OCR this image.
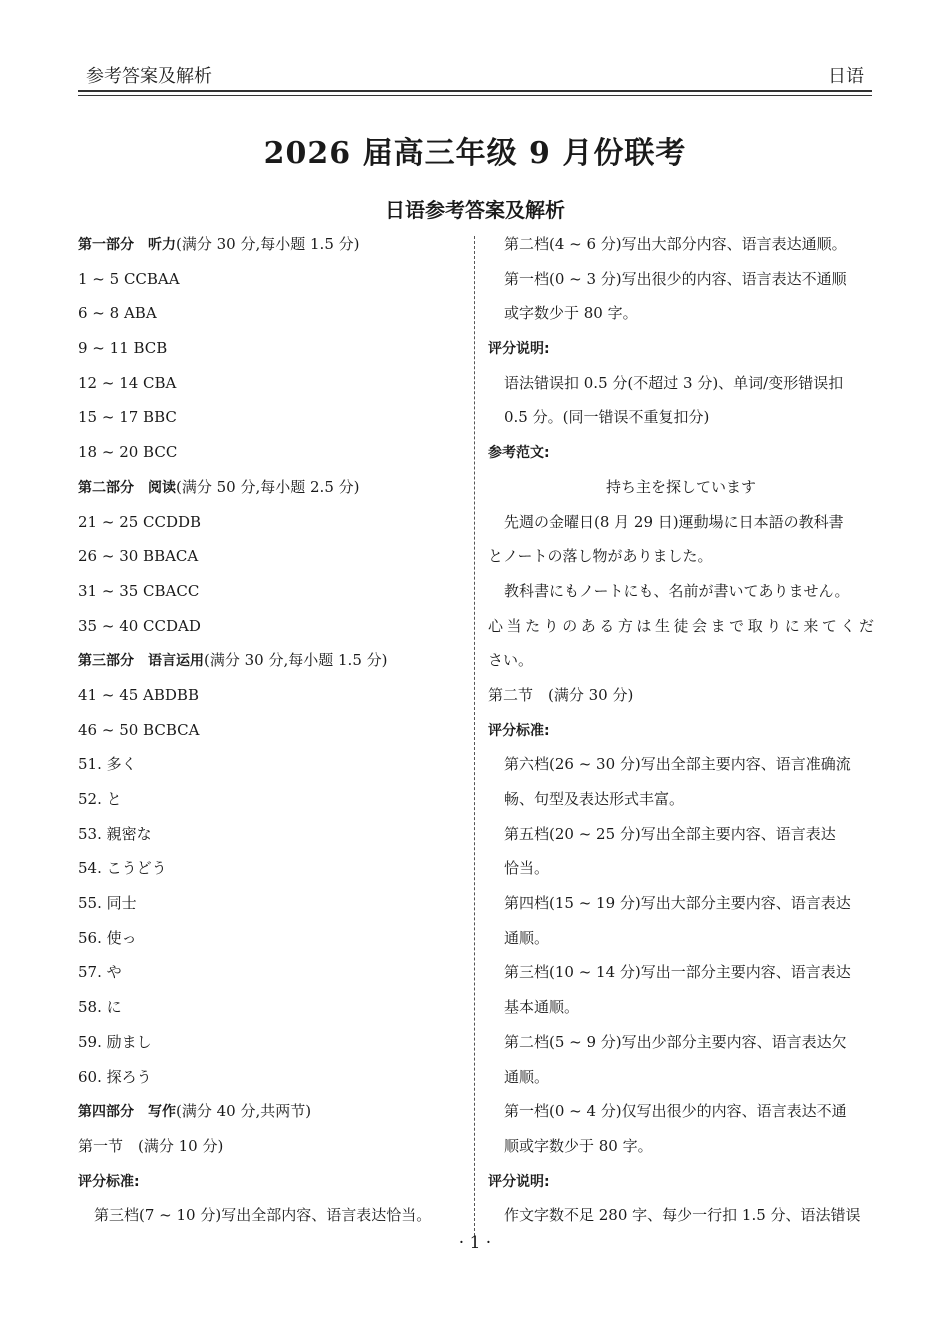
参考答案及解析	日语
2026 届高三年级 9 月份联考
日语参考答案及解析
第一部分　听力(满分 30 分,每小题 1.5 分)
1 ~ 5 CCBAA
6 ~ 8 ABA
9 ~ 11 BCB
12 ~ 14 CBA
15 ~ 17 BBC
18 ~ 20 BCC
第二部分　阅读(满分 50 分,每小题 2.5 分)
21 ~ 25 CCDDB
26 ~ 30 BBACA
31 ~ 35 CBACC
35 ~ 40 CCDAD
第三部分　语言运用(满分 30 分,每小题 1.5 分)
41 ~ 45 ABDBB
46 ~ 50 BCBCA
51. 多く
52. と
53. 親密な
54. こうどう
55. 同士
56. 使っ
57. や
58. に
59. 励まし
60. 探ろう
第四部分　写作(满分 40 分,共两节)
第一节　(满分 10 分)
评分标准:
第三档(7 ~ 10 分)写出全部内容、语言表达恰当。
第二档(4 ~ 6 分)写出大部分内容、语言表达通顺。
第一档(0 ~ 3 分)写出很少的内容、语言表达不通顺
或字数少于 80 字。
评分说明:
语法错误扣 0.5 分(不超过 3 分)、单词/变形错误扣
0.5 分。(同一错误不重复扣分)
参考范文:
持ち主を探しています
先週の金曜日(8 月 29 日)運動場に日本語の教科書
とノートの落し物がありました。
教科書にもノートにも、名前が書いてありません。
心当たりのある方は生徒会まで取りに来てくだ
さい。
第二节　(满分 30 分)
评分标准:
第六档(26 ~ 30 分)写出全部主要内容、语言准确流
畅、句型及表达形式丰富。
第五档(20 ~ 25 分)写出全部主要内容、语言表达
恰当。
第四档(15 ~ 19 分)写出大部分主要内容、语言表达
通顺。
第三档(10 ~ 14 分)写出一部分主要内容、语言表达
基本通顺。
第二档(5 ~ 9 分)写出少部分主要内容、语言表达欠
通顺。
第一档(0 ~ 4 分)仅写出很少的内容、语言表达不通
顺或字数少于 80 字。
评分说明:
作文字数不足 280 字、每少一行扣 1.5 分、语法错误
· 1 ·
